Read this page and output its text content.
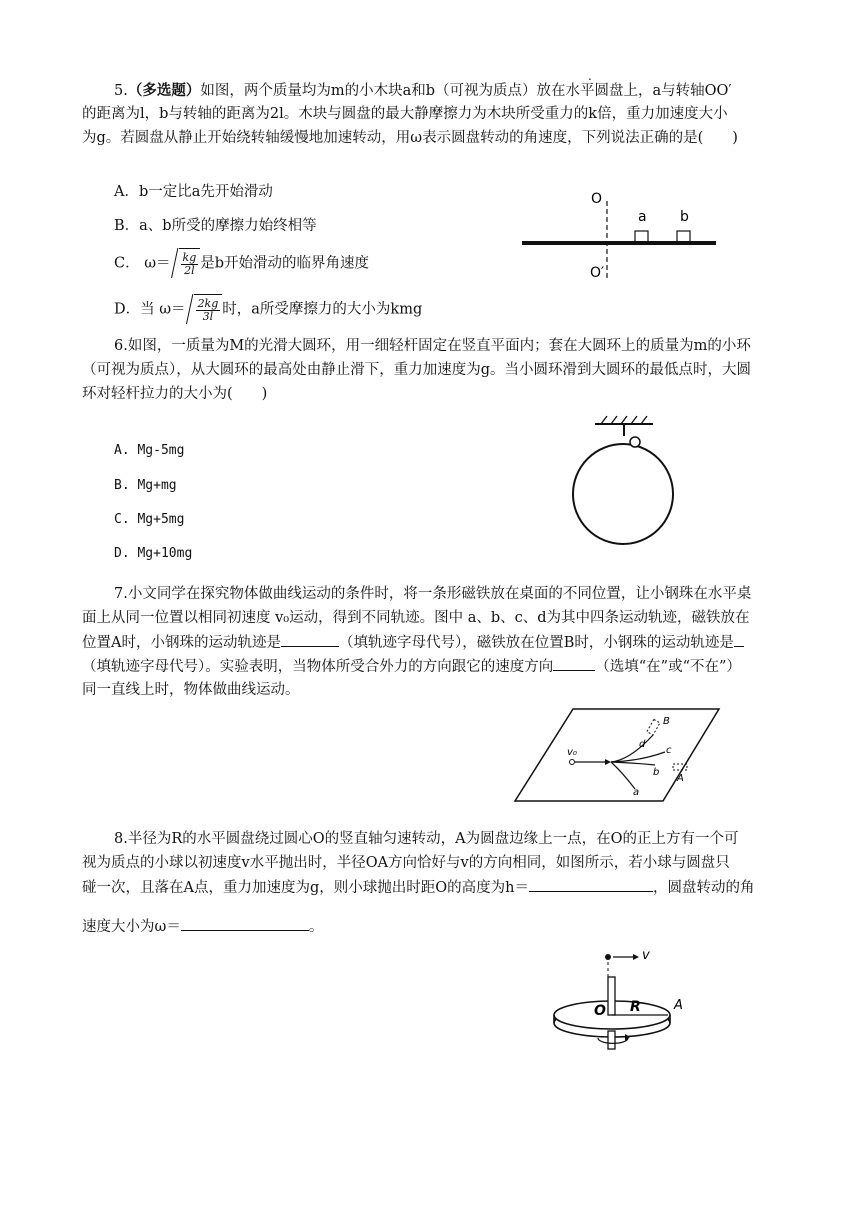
.
5.（多选题）如图，两个质量均为m的小木块a和b（可视为质点）放在水平圆盘上，a与转轴OO′
的距离为l，b与转轴的距离为2l。木块与圆盘的最大静摩擦力为木块所受重力的k倍，重力加速度大小
为g。若圆盘从静止开始绕转轴缓慢地加速转动，用ω表示圆盘转动的角速度，下列说法正确的是(　　)
A．b一定比a先开始滑动
B．a、b所受的摩擦力始终相等
C． $\omega= \frac{kg}{2l}$ 是b开始滑动的临界角速度
D．当 $\omega= \frac{2kg}{3l}$ 时，a所受摩擦力的大小为kmg
O
O′
a b
6.如图，一质量为M的光滑大圆环，用一细轻杆固定在竖直平面内；套在大圆环上的质量为m的小环
（可视为质点），从大圆环的最高处由静止滑下，重力加速度为g。当小圆环滑到大圆环的最低点时，大圆
环对轻杆拉力的大小为(　　)
A. Mg-5mg
B. Mg+mg
C. Mg+5mg
D. Mg+10mg
7.小文同学在探究物体做曲线运动的条件时，将一条形磁铁放在桌面的不同位置，让小钢珠在水平桌
面上从同一位置以相同初速度 v₀运动，得到不同轨迹。图中 a、b、c、d为其中四条运动轨迹，磁铁放在
位置A时，小钢珠的运动轨迹是	（填轨迹字母代号），磁铁放在位置B时，小钢珠的运动轨迹是
（填轨迹字母代号）。实验表明，当物体所受合外力的方向跟它的速度方向	（选填“在”或“不在”）
同一直线上时，物体做曲线运动。
v₀
d
c
b
a
B
A
8.半径为R的水平圆盘绕过圆心O的竖直轴匀速转动，A为圆盘边缘上一点，在O的正上方有一个可
视为质点的小球以初速度v水平抛出时，半径OA方向恰好与v的方向相同，如图所示，若小球与圆盘只
碰一次，且落在A点，重力加速度为g，则小球抛出时距O的高度为h＝	，圆盘转动的角
速度大小为ω＝	。
v
O R	A
